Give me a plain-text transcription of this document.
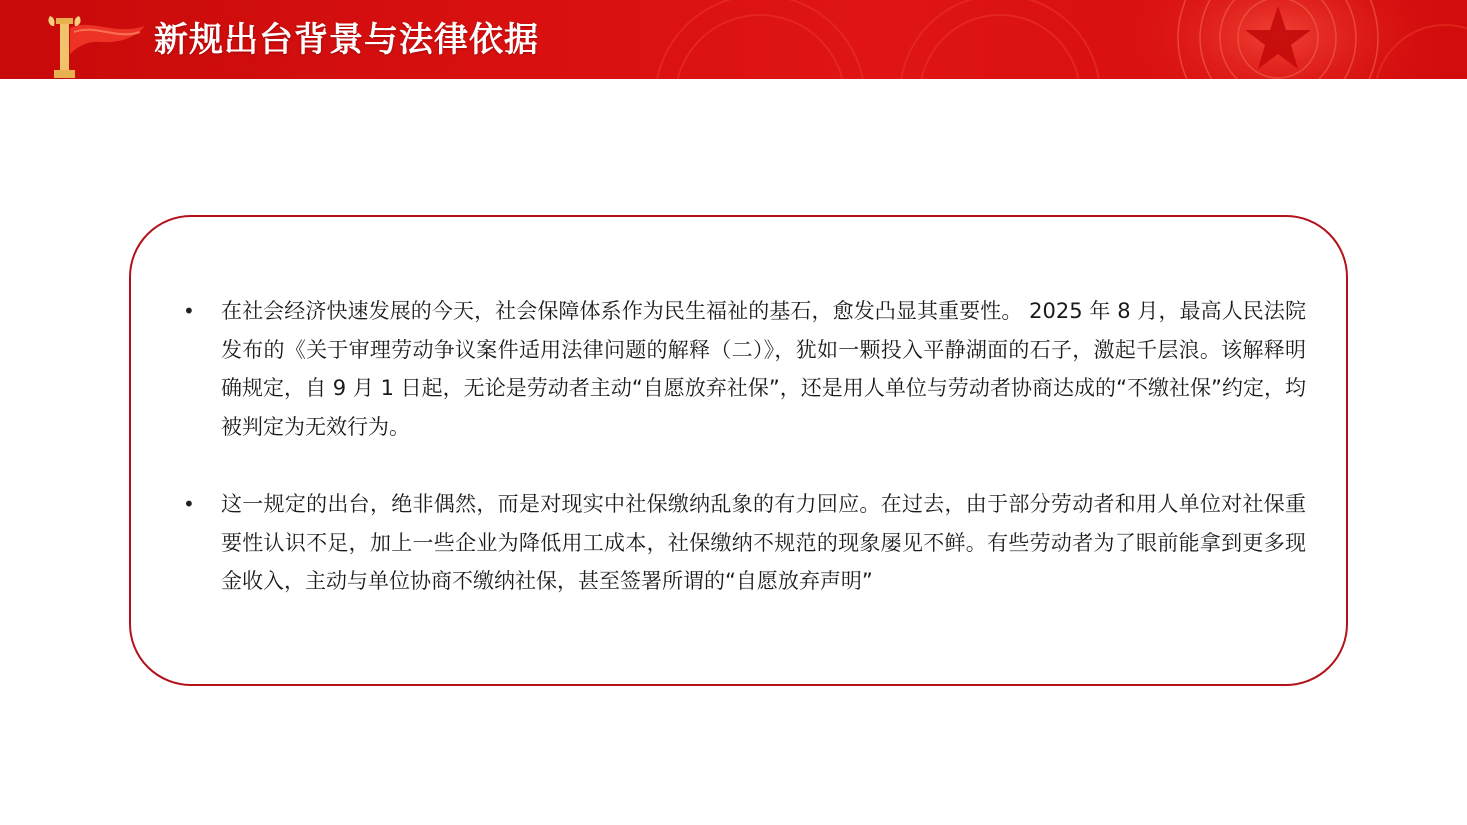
新规出台背景与法律依据
• 在社会经济快速发展的今天，社会保障体系作为民生福祉的基石，愈发凸显其重要性。 2025 年 8 月，最高人民法院发布的《关于审理劳动争议案件适用法律问题的解释（二）》，犹如一颗投入平静湖面的石子，激起千层浪。该解释明确规定，自 9 月 1 日起，无论是劳动者主动“自愿放弃社保”，还是用人单位与劳动者协商达成的“不缴社保”约定，均被判定为无效行为。
• 这一规定的出台，绝非偶然，而是对现实中社保缴纳乱象的有力回应。在过去，由于部分劳动者和用人单位对社保重要性认识不足，加上一些企业为降低用工成本，社保缴纳不规范的现象屡见不鲜。有些劳动者为了眼前能拿到更多现金收入，主动与单位协商不缴纳社保，甚至签署所谓的“自愿放弃声明”
